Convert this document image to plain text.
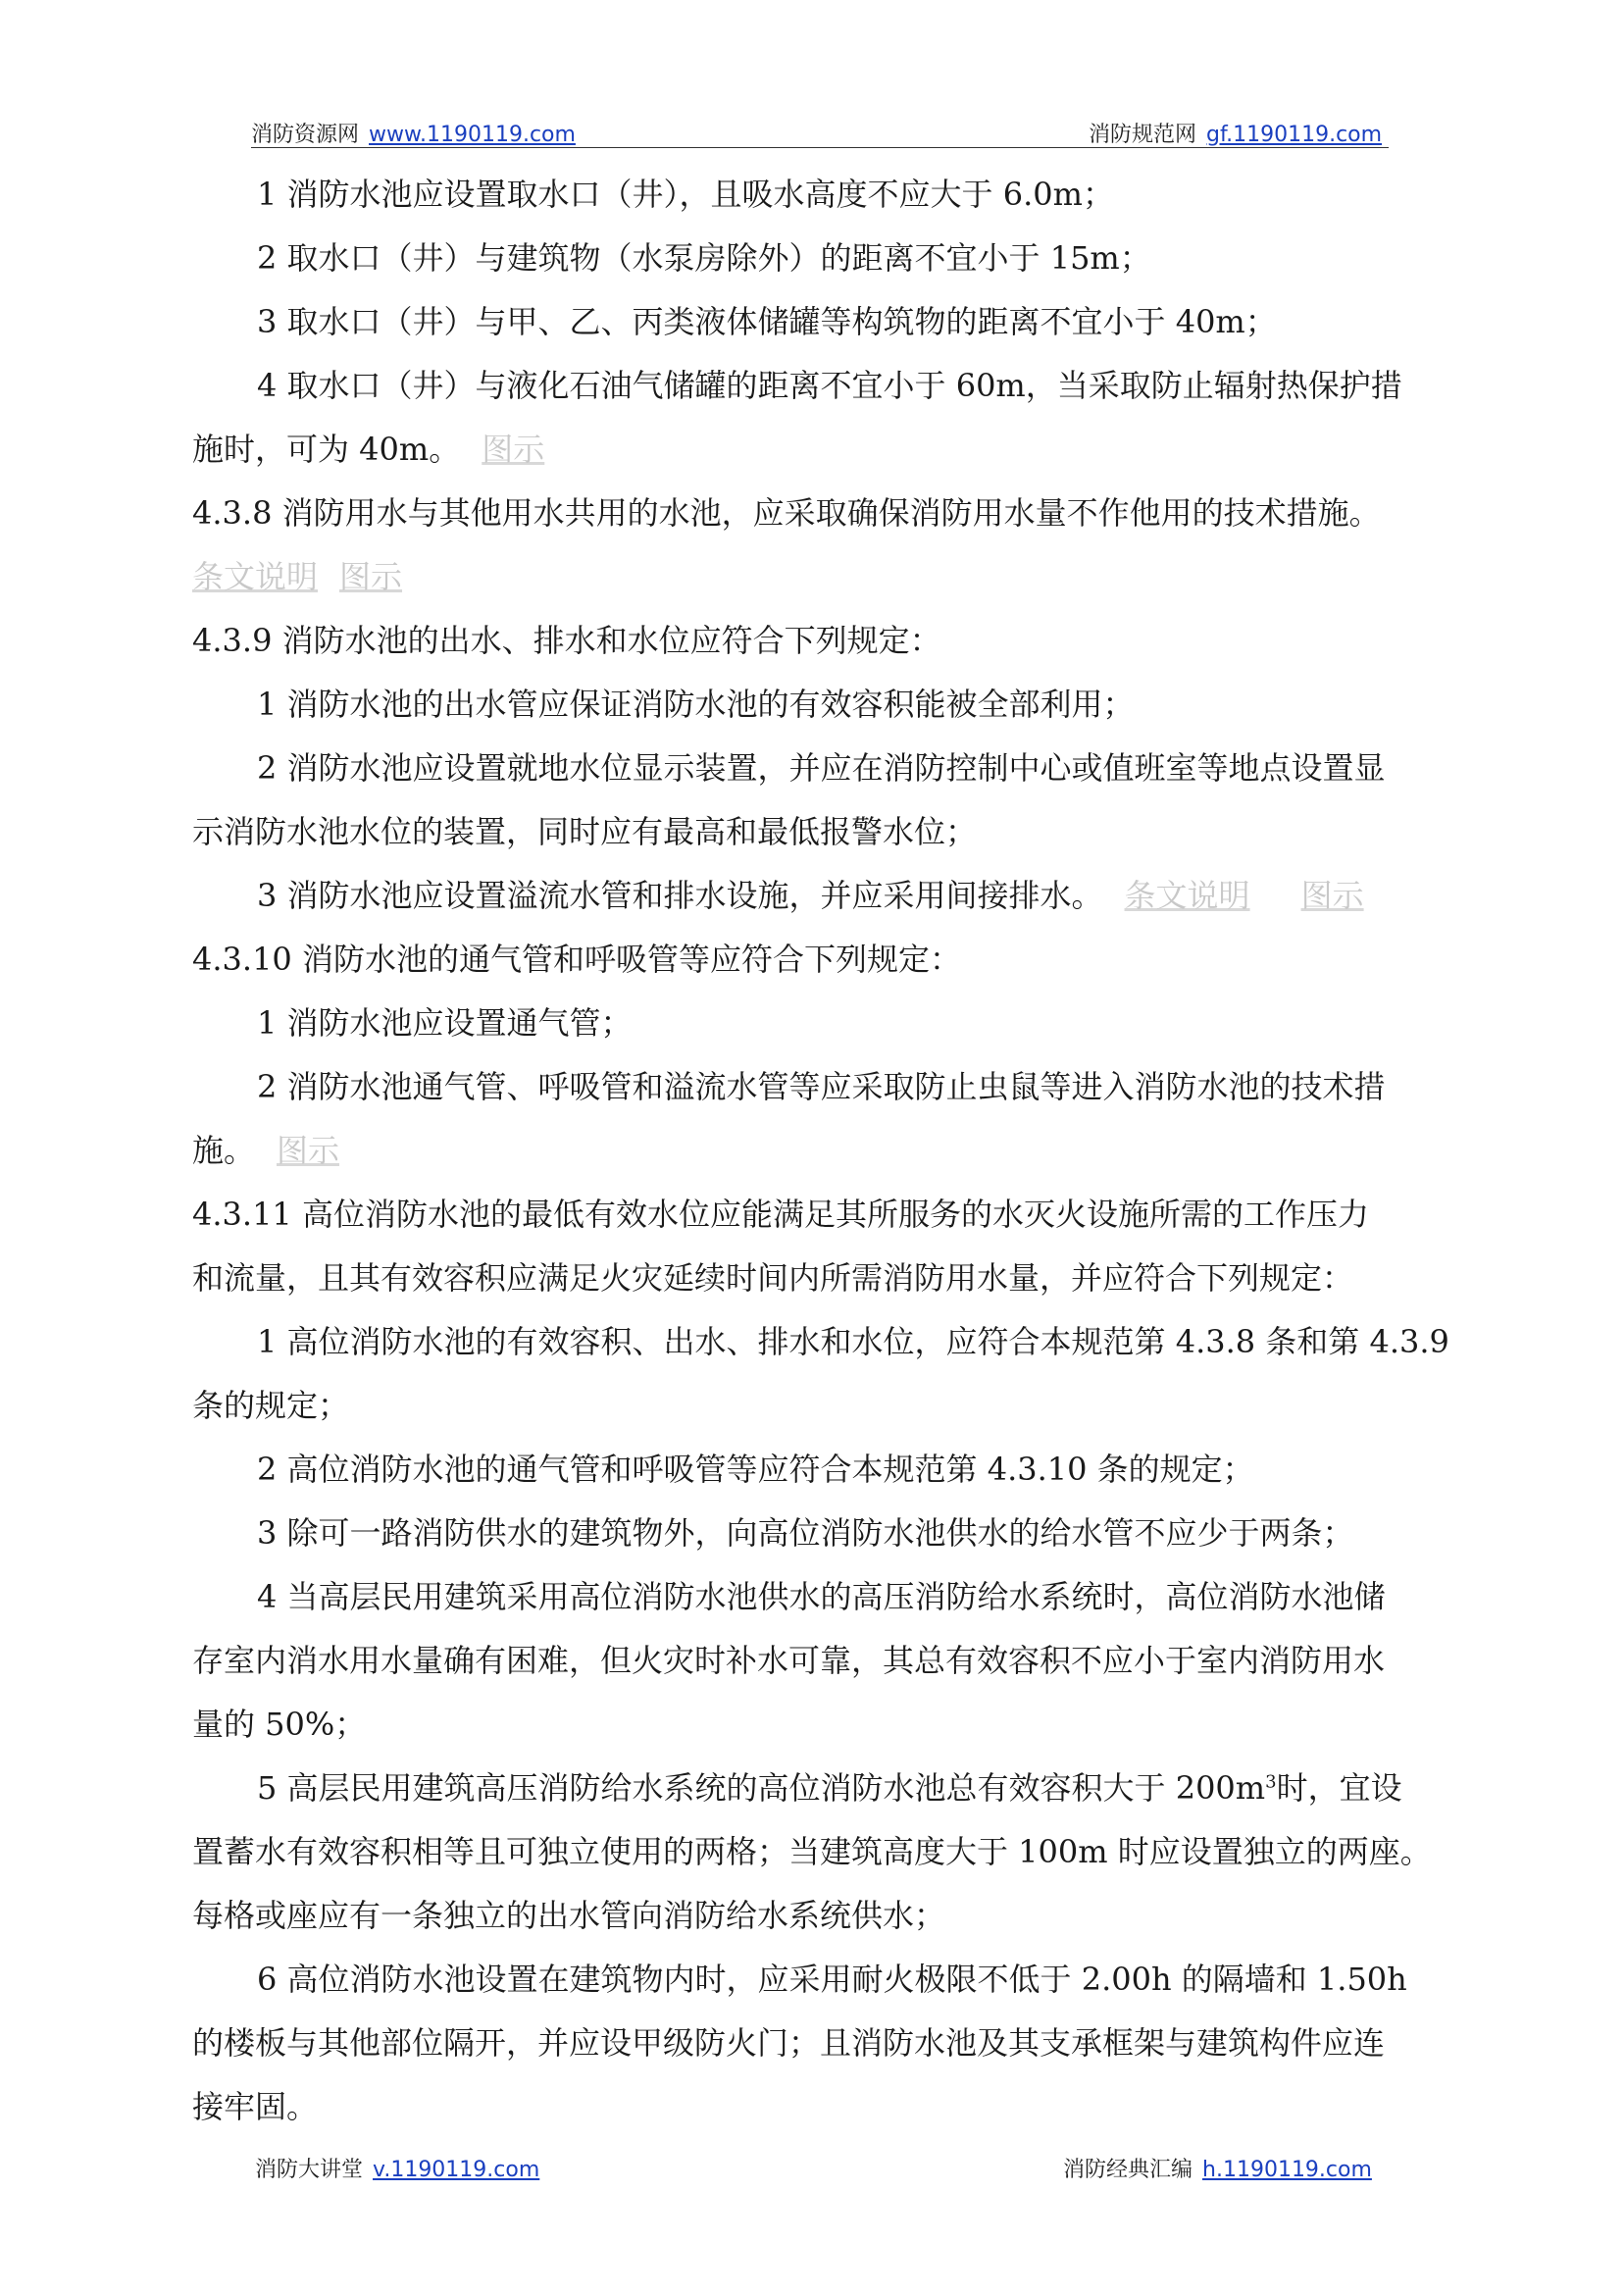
消防资源网 www.1190119.com	消防规范网 gf.1190119.com
1 消防水池应设置取水口（井），且吸水高度不应大于 6.0m；
2 取水口（井）与建筑物（水泵房除外）的距离不宜小于 15m；
3 取水口（井）与甲、乙、丙类液体储罐等构筑物的距离不宜小于 40m；
4 取水口（井）与液化石油气储罐的距离不宜小于 60m，当采取防止辐射热保护措
施时，可为 40m。 图示
4.3.8 消防用水与其他用水共用的水池，应采取确保消防用水量不作他用的技术措施。
条文说明 图示
4.3.9 消防水池的出水、排水和水位应符合下列规定：
1 消防水池的出水管应保证消防水池的有效容积能被全部利用；
2 消防水池应设置就地水位显示装置，并应在消防控制中心或值班室等地点设置显
示消防水池水位的装置，同时应有最高和最低报警水位；
3 消防水池应设置溢流水管和排水设施，并应采用间接排水。 条文说明 图示
4.3.10 消防水池的通气管和呼吸管等应符合下列规定：
1 消防水池应设置通气管；
2 消防水池通气管、呼吸管和溢流水管等应采取防止虫鼠等进入消防水池的技术措
施。 图示
4.3.11 高位消防水池的最低有效水位应能满足其所服务的水灭火设施所需的工作压力
和流量，且其有效容积应满足火灾延续时间内所需消防用水量，并应符合下列规定：
1 高位消防水池的有效容积、出水、排水和水位，应符合本规范第 4.3.8 条和第 4.3.9
条的规定；
2 高位消防水池的通气管和呼吸管等应符合本规范第 4.3.10 条的规定；
3 除可一路消防供水的建筑物外，向高位消防水池供水的给水管不应少于两条；
4 当高层民用建筑采用高位消防水池供水的高压消防给水系统时，高位消防水池储
存室内消水用水量确有困难，但火灾时补水可靠，其总有效容积不应小于室内消防用水
量的 50%；
5 高层民用建筑高压消防给水系统的高位消防水池总有效容积大于 $200m^3$时，宜设
置蓄水有效容积相等且可独立使用的两格；当建筑高度大于 100m 时应设置独立的两座。
每格或座应有一条独立的出水管向消防给水系统供水；
6 高位消防水池设置在建筑物内时，应采用耐火极限不低于 2.00h 的隔墙和 1.50h
的楼板与其他部位隔开，并应设甲级防火门；且消防水池及其支承框架与建筑构件应连
接牢固。
消防大讲堂 v.1190119.com	消防经典汇编 h.1190119.com
